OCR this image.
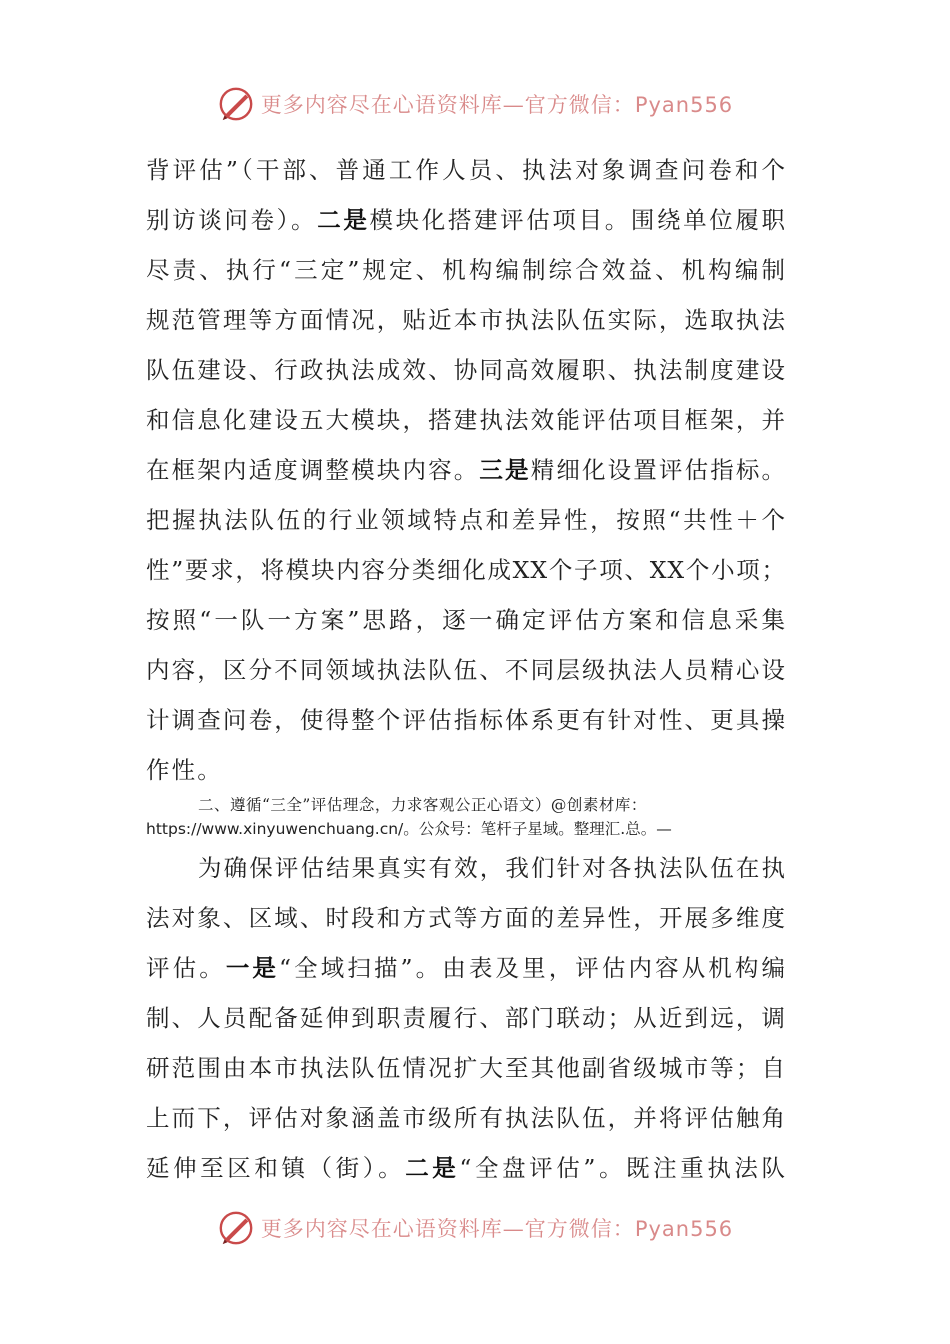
更多内容尽在心语资料库—官方微信：Pyan556
背评估”（干部、普通工作人员、执法对象调查问卷和个
别访谈问卷）。二是模块化搭建评估项目。围绕单位履职
尽责、执行“三定”规定、机构编制综合效益、机构编制
规范管理等方面情况，贴近本市执法队伍实际，选取执法
队伍建设、行政执法成效、协同高效履职、执法制度建设
和信息化建设五大模块，搭建执法效能评估项目框架，并
在框架内适度调整模块内容。三是精细化设置评估指标。
把握执法队伍的行业领域特点和差异性，按照“共性＋个
性”要求，将模块内容分类细化成XX个子项、XX个小项；
按照“一队一方案”思路，逐一确定评估方案和信息采集
内容，区分不同领域执法队伍、不同层级执法人员精心设
计调查问卷，使得整个评估指标体系更有针对性、更具操
作性。
二、遵循“三全”评估理念，力求客观公正心语文）@创素材库：
https://www.xinyuwenchuang.cn/。公众号：笔杆子星域。整理汇.总。—
为确保评估结果真实有效，我们针对各执法队伍在执
法对象、区域、时段和方式等方面的差异性，开展多维度
评估。一是“全域扫描”。由表及里，评估内容从机构编
制、人员配备延伸到职责履行、部门联动；从近到远，调
研范围由本市执法队伍情况扩大至其他副省级城市等；自
上而下，评估对象涵盖市级所有执法队伍，并将评估触角
延伸至区和镇（街）。二是“全盘评估”。既注重执法队
更多内容尽在心语资料库—官方微信：Pyan556
